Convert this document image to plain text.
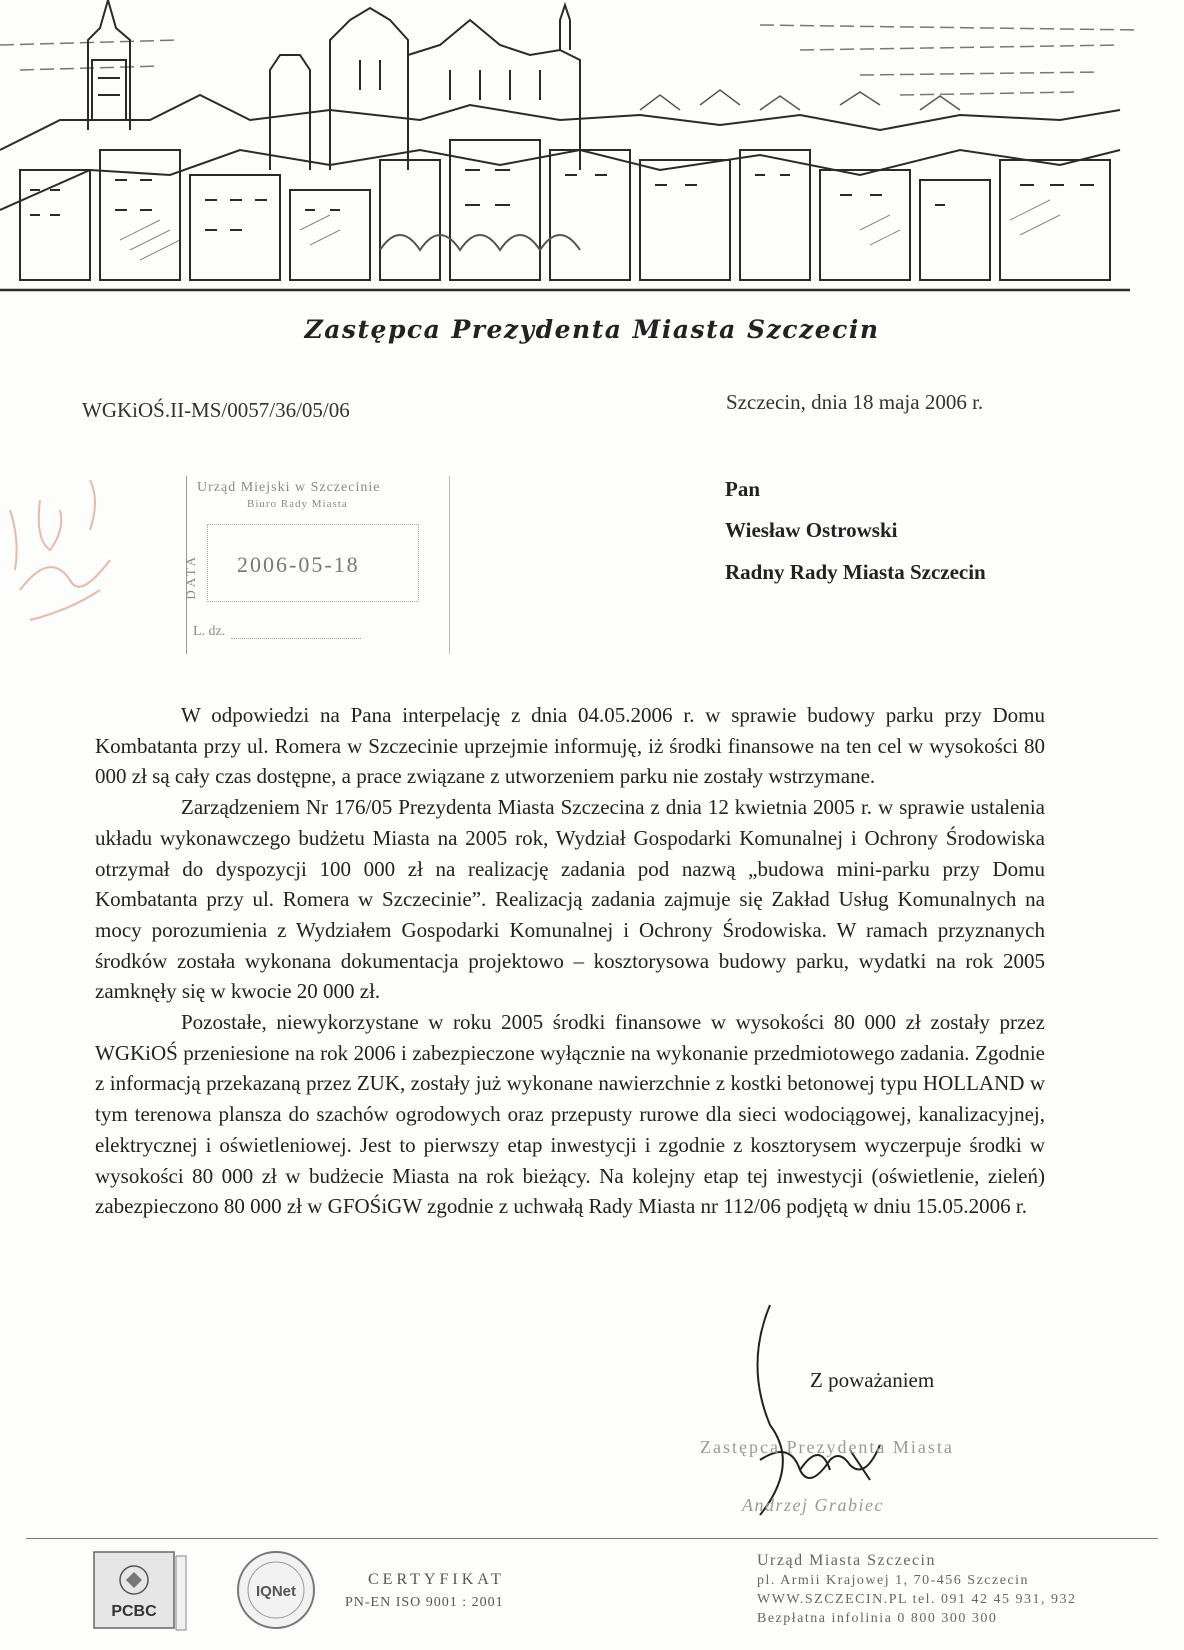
Zastępca Prezydenta Miasta Szczecin
WGKiOŚ.II-MS/0057/36/05/06	Szczecin, dnia 18 maja 2006 r.
Urząd Miejski w Szczecinie
Biuro Rady Miasta
DATA 2006-05-18
L. dz.
Pan
Wiesław Ostrowski
Radny Rady Miasta Szczecin

W odpowiedzi na Pana interpelację z dnia 04.05.2006 r. w sprawie budowy parku przy Domu Kombatanta przy ul. Romera w Szczecinie uprzejmie informuję, iż środki finansowe na ten cel w wysokości 80 000 zł są cały czas dostępne, a prace związane z utworzeniem parku nie zostały wstrzymane.

Zarządzeniem Nr 176/05 Prezydenta Miasta Szczecina z dnia 12 kwietnia 2005 r. w sprawie ustalenia układu wykonawczego budżetu Miasta na 2005 rok, Wydział Gospodarki Komunalnej i Ochrony Środowiska otrzymał do dyspozycji 100 000 zł na realizację zadania pod nazwą „budowa mini-parku przy Domu Kombatanta przy ul. Romera w Szczecinie”. Realizacją zadania zajmuje się Zakład Usług Komunalnych na mocy porozumienia z Wydziałem Gospodarki Komunalnej i Ochrony Środowiska. W ramach przyznanych środków została wykonana dokumentacja projektowo – kosztorysowa budowy parku, wydatki na rok 2005 zamknęły się w kwocie 20 000 zł.

Pozostałe, niewykorzystane w roku 2005 środki finansowe w wysokości 80 000 zł zostały przez WGKiOŚ przeniesione na rok 2006 i zabezpieczone wyłącznie na wykonanie przedmiotowego zadania. Zgodnie z informacją przekazaną przez ZUK, zostały już wykonane nawierzchnie z kostki betonowej typu HOLLAND w tym terenowa plansza do szachów ogrodowych oraz przepusty rurowe dla sieci wodociągowej, kanalizacyjnej, elektrycznej i oświetleniowej. Jest to pierwszy etap inwestycji i zgodnie z kosztorysem wyczerpuje środki w wysokości 80 000 zł w budżecie Miasta na rok bieżący. Na kolejny etap tej inwestycji (oświetlenie, zieleń) zabezpieczono 80 000 zł w GFOŚiGW zgodnie z uchwałą Rady Miasta nr 112/06 podjętą w dniu 15.05.2006 r.

Z poważaniem
Zastępca Prezydenta Miasta
Andrzej Grabiec
PCBC
IQNet
CERTYFIKAT
PN-EN ISO 9001 : 2001
Urząd Miasta Szczecin
pl. Armii Krajowej 1, 70-456 Szczecin
WWW.SZCZECIN.PL tel. 091 42 45 931, 932
Bezpłatna infolinia 0 800 300 300
